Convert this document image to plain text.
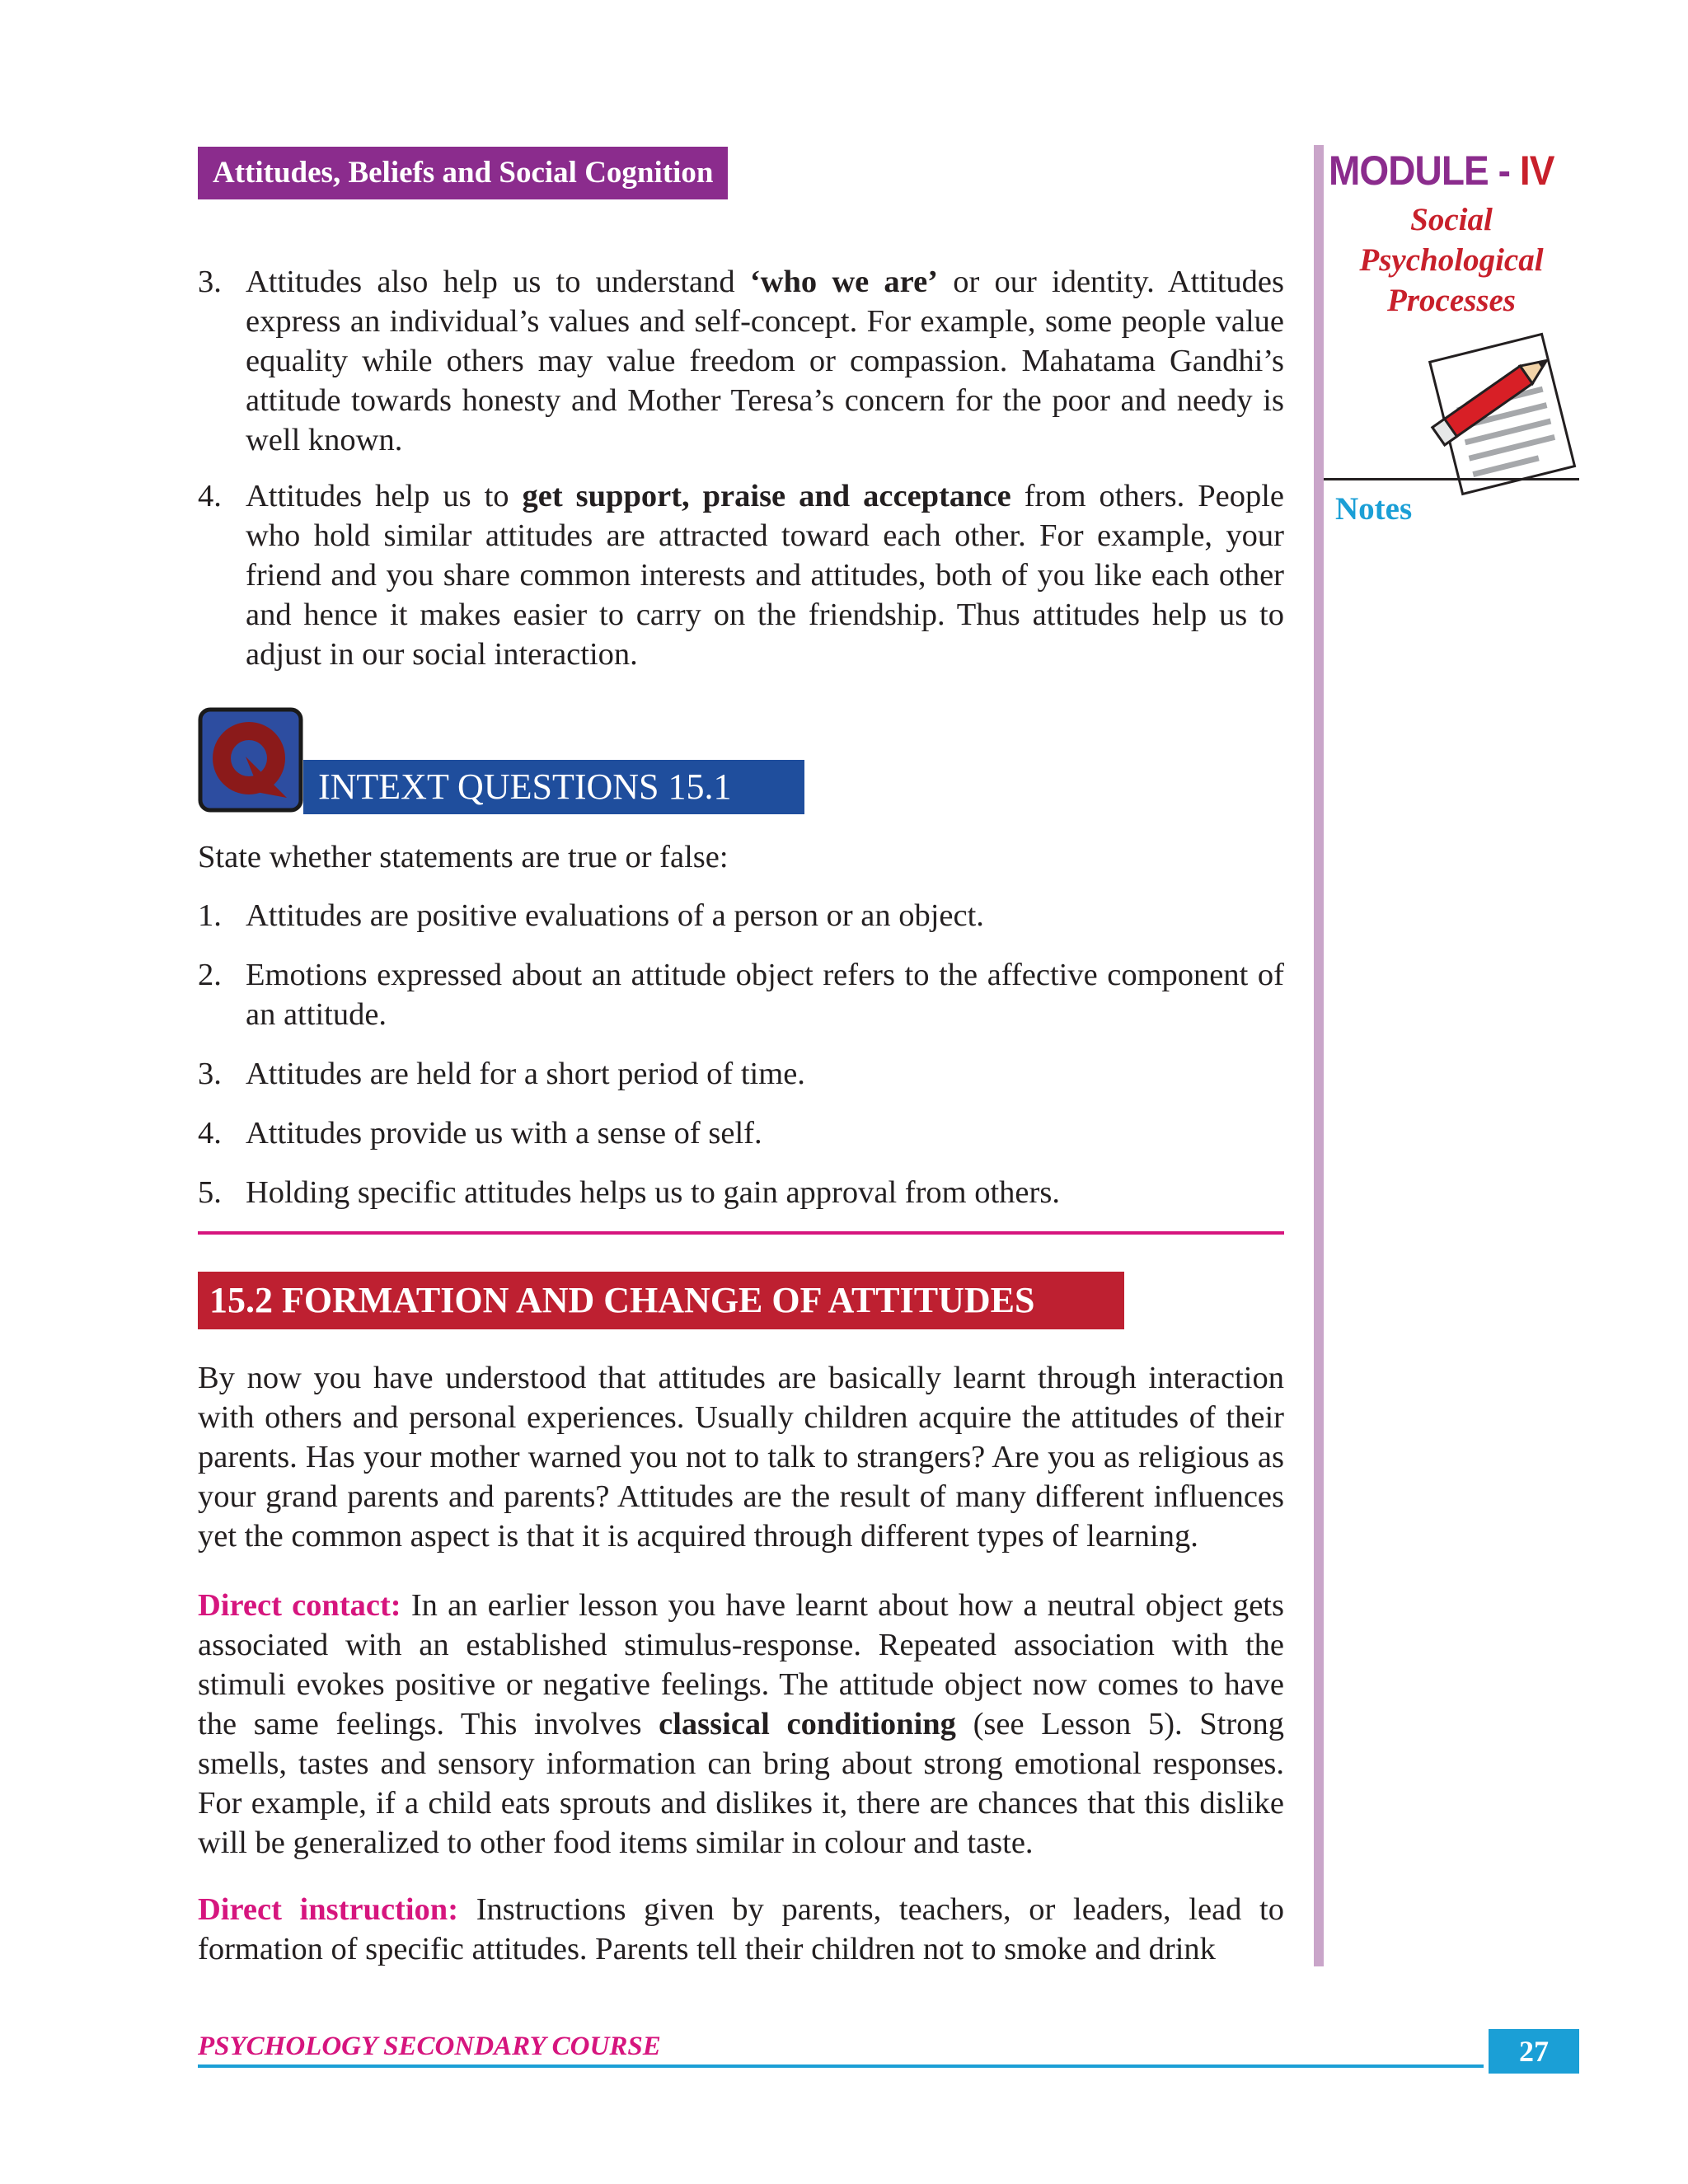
Attitudes, Beliefs and Social Cognition	MODULE - IV
Social
Psychological
Processes
Notes
3. Attitudes also help us to understand ‘who we are’ or our identity. Attitudes express an individual’s values and self-concept. For example, some people value equality while others may value freedom or compassion. Mahatama Gandhi’s attitude towards honesty and Mother Teresa’s concern for the poor and needy is well known.
4. Attitudes help us to get support, praise and acceptance from others. People who hold similar attitudes are attracted toward each other. For example, your friend and you share common interests and attitudes, both of you like each other and hence it makes easier to carry on the friendship. Thus attitudes help us to adjust in our social interaction.
Q
INTEXT QUESTIONS 15.1
State whether statements are true or false:
1. Attitudes are positive evaluations of a person or an object.
2. Emotions expressed about an attitude object refers to the affective component of an attitude.
3. Attitudes are held for a short period of time.
4. Attitudes provide us with a sense of self.
5. Holding specific attitudes helps us to gain approval from others.
15.2 FORMATION AND CHANGE OF ATTITUDES
By now you have understood that attitudes are basically learnt through interaction with others and personal experiences. Usually children acquire the attitudes of their parents. Has your mother warned you not to talk to strangers? Are you as religious as your grand parents and parents? Attitudes are the result of many different influences yet the common aspect is that it is acquired through different types of learning.
Direct contact: In an earlier lesson you have learnt about how a neutral object gets associated with an established stimulus-response. Repeated association with the stimuli evokes positive or negative feelings. The attitude object now comes to have the same feelings. This involves classical conditioning (see Lesson 5). Strong smells, tastes and sensory information can bring about strong emotional responses. For example, if a child eats sprouts and dislikes it, there are chances that this dislike will be generalized to other food items similar in colour and taste.
Direct instruction: Instructions given by parents, teachers, or leaders, lead to formation of specific attitudes. Parents tell their children not to smoke and drink
PSYCHOLOGY SECONDARY COURSE	27
